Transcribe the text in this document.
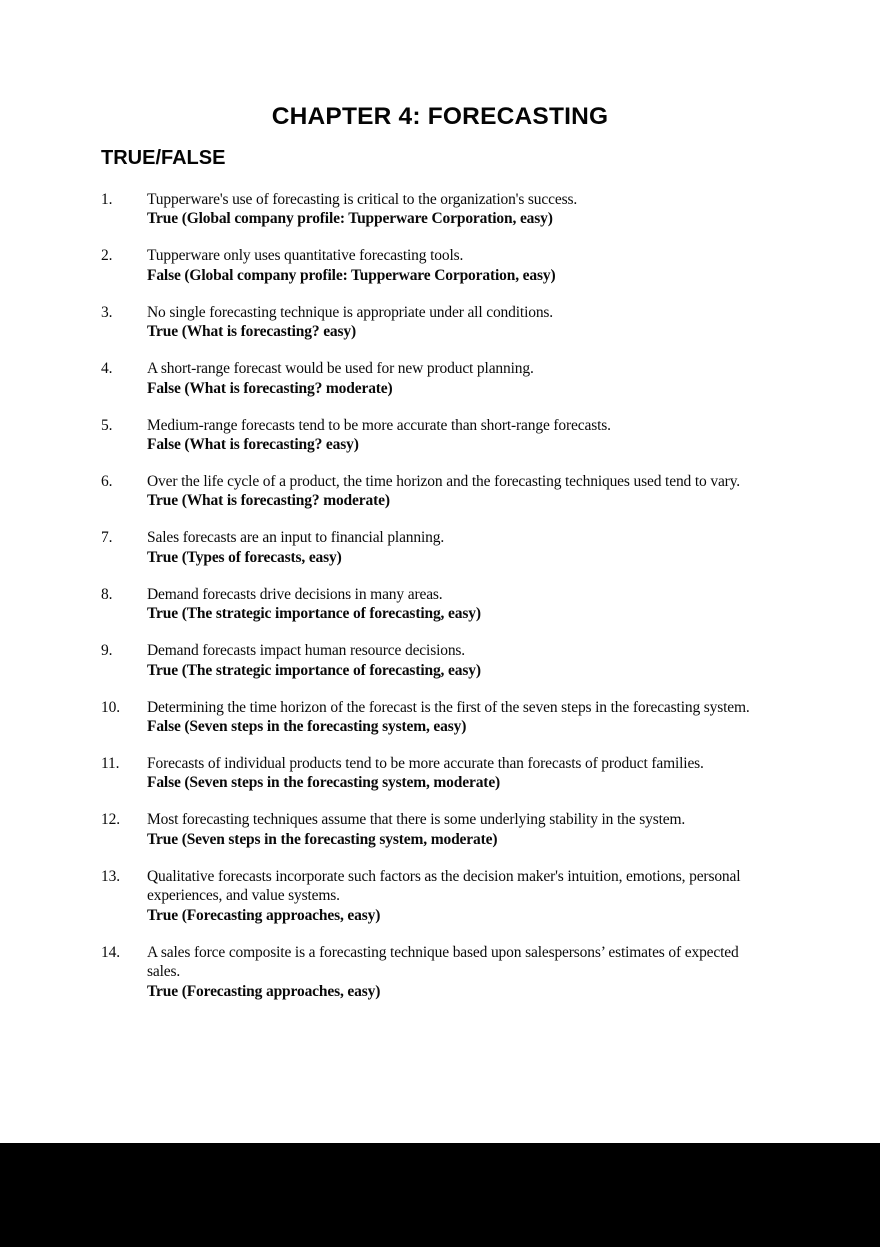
CHAPTER 4: FORECASTING
TRUE/FALSE
1.	Tupperware's use of forecasting is critical to the organization's success.
True (Global company profile: Tupperware Corporation, easy)
2.	Tupperware only uses quantitative forecasting tools.
False (Global company profile: Tupperware Corporation, easy)
3.	No single forecasting technique is appropriate under all conditions.
True (What is forecasting? easy)
4.	A short-range forecast would be used for new product planning.
False (What is forecasting? moderate)
5.	Medium-range forecasts tend to be more accurate than short-range forecasts.
False (What is forecasting? easy)
6.	Over the life cycle of a product, the time horizon and the forecasting techniques used tend to vary.
True (What is forecasting? moderate)
7.	Sales forecasts are an input to financial planning.
True (Types of forecasts, easy)
8.	Demand forecasts drive decisions in many areas.
True (The strategic importance of forecasting, easy)
9.	Demand forecasts impact human resource decisions.
True (The strategic importance of forecasting, easy)
10.	Determining the time horizon of the forecast is the first of the seven steps in the forecasting system.
False (Seven steps in the forecasting system, easy)
11.	Forecasts of individual products tend to be more accurate than forecasts of product families.
False (Seven steps in the forecasting system, moderate)
12.	Most forecasting techniques assume that there is some underlying stability in the system.
True (Seven steps in the forecasting system, moderate)
13.	Qualitative forecasts incorporate such factors as the decision maker's intuition, emotions, personal
experiences, and value systems.
True (Forecasting approaches, easy)
14.	A sales force composite is a forecasting technique based upon salespersons’ estimates of expected
sales.
True (Forecasting approaches, easy)
